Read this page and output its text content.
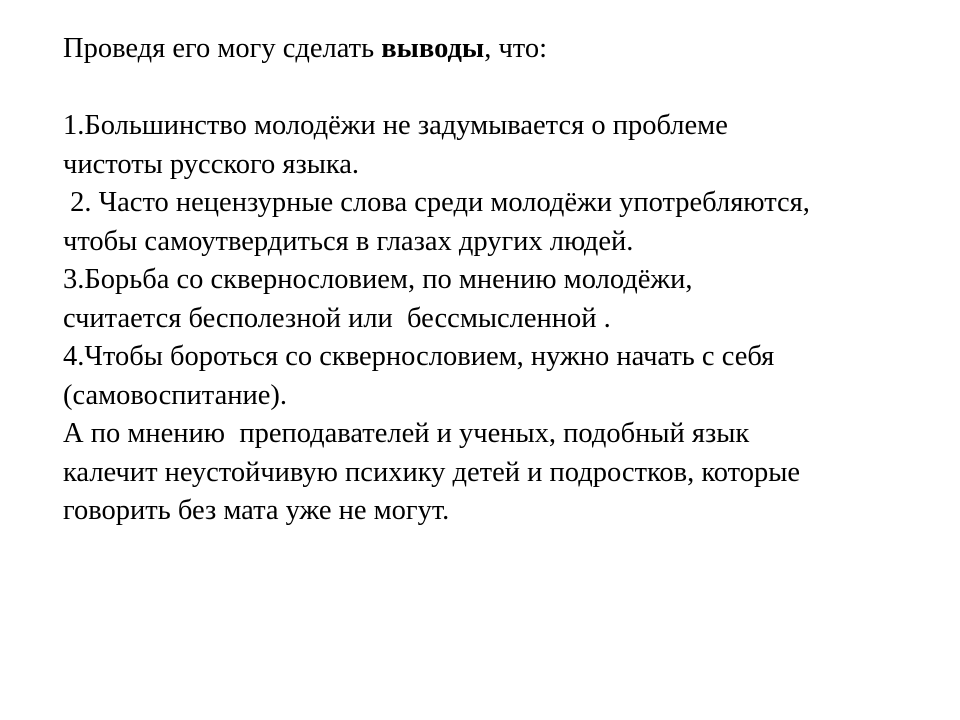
Проведя его могу сделать выводы, что:
1.Большинство молодёжи не задумывается о проблеме
чистоты русского языка.
2. Часто нецензурные слова среди молодёжи употребляются,
чтобы самоутвердиться в глазах других людей.
3.Борьба со сквернословием, по мнению молодёжи,
считается бесполезной или  бессмысленной .
4.Чтобы бороться со сквернословием, нужно начать с себя
(самовоспитание).
А по мнению  преподавателей и ученых, подобный язык
калечит неустойчивую психику детей и подростков, которые
говорить без мата уже не могут.
